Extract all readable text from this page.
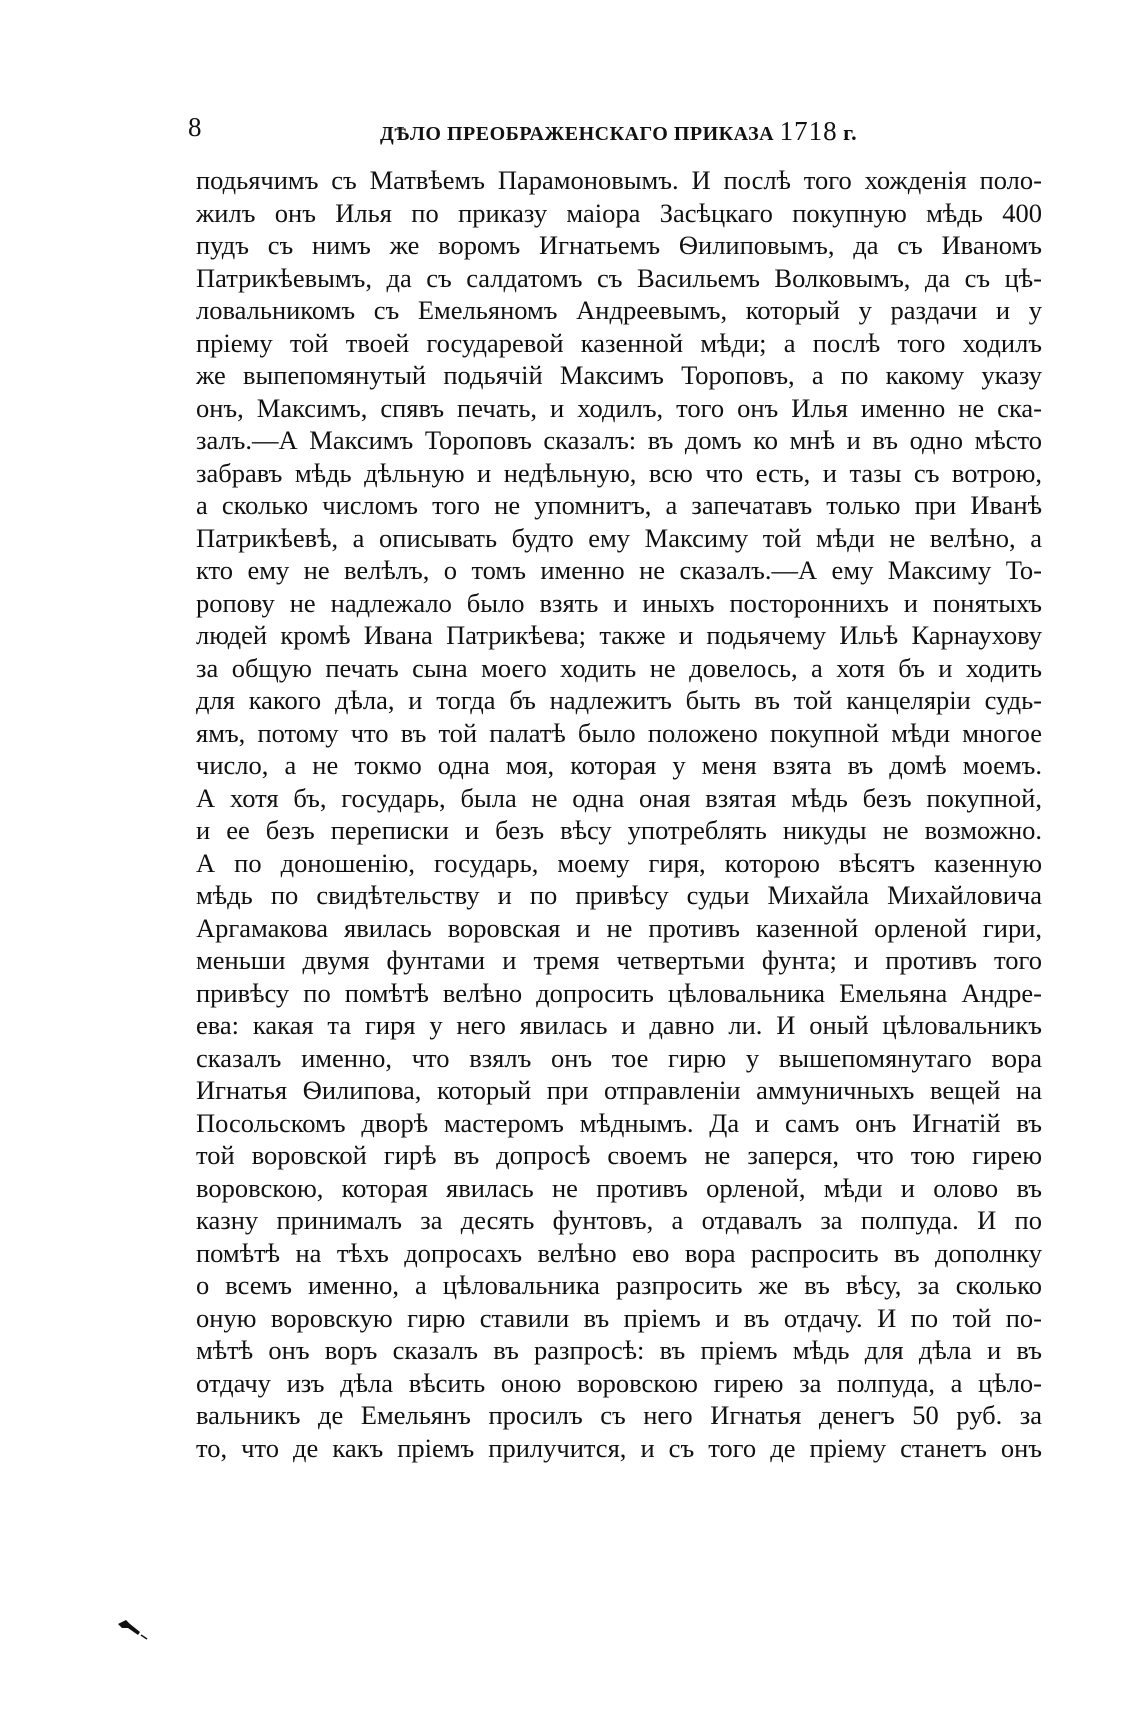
8	ДѢЛО ПРЕОБРАЖЕНСКАГО ПРИКАЗА 1718 г.
подьячимъ съ Матвѣемъ Парамоновымъ. И послѣ того хожденія поло-
жилъ онъ Илья по приказу маіора Засѣцкаго покупную мѣдь 400
пудъ съ нимъ же воромъ Игнатьемъ Ѳилиповымъ, да съ Иваномъ
Патрикѣевымъ, да съ салдатомъ съ Васильемъ Волковымъ, да съ цѣ-
ловальникомъ съ Емельяномъ Андреевымъ, который у раздачи и у
пріему той твоей государевой казенной мѣди; а послѣ того ходилъ
же выпепомянутый подьячій Максимъ Тороповъ, а по какому указу
онъ, Максимъ, спявъ печать, и ходилъ, того онъ Илья именно не ска-
залъ.—А Максимъ Тороповъ сказалъ: въ домъ ко мнѣ и въ одно мѣсто
забравъ мѣдь дѣльную и недѣльную, всю что есть, и тазы съ вотрою,
а сколько числомъ того не упомнитъ, а запечатавъ только при Иванѣ
Патрикѣевѣ, а описывать будто ему Максиму той мѣди не велѣно, а
кто ему не велѣлъ, о томъ именно не сказалъ.—А ему Максиму То-
ропову не надлежало было взять и иныхъ постороннихъ и понятыхъ
людей кромѣ Ивана Патрикѣева; также и подьячему Ильѣ Карнаухову
за общую печать сына моего ходить не довелось, а хотя бъ и ходить
для какого дѣла, и тогда бъ надлежитъ быть въ той канцеляріи судь-
ямъ, потому что въ той палатѣ было положено покупной мѣди многое
число, а не токмо одна моя, которая у меня взята въ домѣ моемъ.
А хотя бъ, государь, была не одна оная взятая мѣдь безъ покупной,
и ее безъ переписки и безъ вѣсу употреблять никуды не возможно.
А по доношенію, государь, моему гиря, которою вѣсятъ казенную
мѣдь по свидѣтельству и по привѣсу судьи Михайла Михайловича
Аргамакова явилась воровская и не противъ казенной орленой гири,
меньши двумя фунтами и тремя четвертьми фунта; и противъ того
привѣсу по помѣтѣ велѣно допросить цѣловальника Емельяна Андре-
ева: какая та гиря у него явилась и давно ли. И оный цѣловальникъ
сказалъ именно, что взялъ онъ тое гирю у вышепомянутаго вора
Игнатья Ѳилипова, который при отправленіи аммуничныхъ вещей на
Посольскомъ дворѣ мастеромъ мѣднымъ. Да и самъ онъ Игнатій въ
той воровской гирѣ въ допросѣ своемъ не заперся, что тою гирею
воровскою, которая явилась не противъ орленой, мѣди и олово въ
казну принималъ за десять фунтовъ, а отдавалъ за полпуда. И по
помѣтѣ на тѣхъ допросахъ велѣно ево вора распросить въ дополнку
о всемъ именно, а цѣловальника разпросить же въ вѣсу, за сколько
оную воровскую гирю ставили въ пріемъ и въ отдачу. И по той по-
мѣтѣ онъ воръ сказалъ въ разпросѣ: въ пріемъ мѣдь для дѣла и въ
отдачу изъ дѣла вѣсить оною воровскою гирею за полпуда, а цѣло-
вальникъ де Емельянъ просилъ съ него Игнатья денегъ 50 руб. за
то, что де какъ пріемъ прилучится, и съ того де пріему станетъ онъ
